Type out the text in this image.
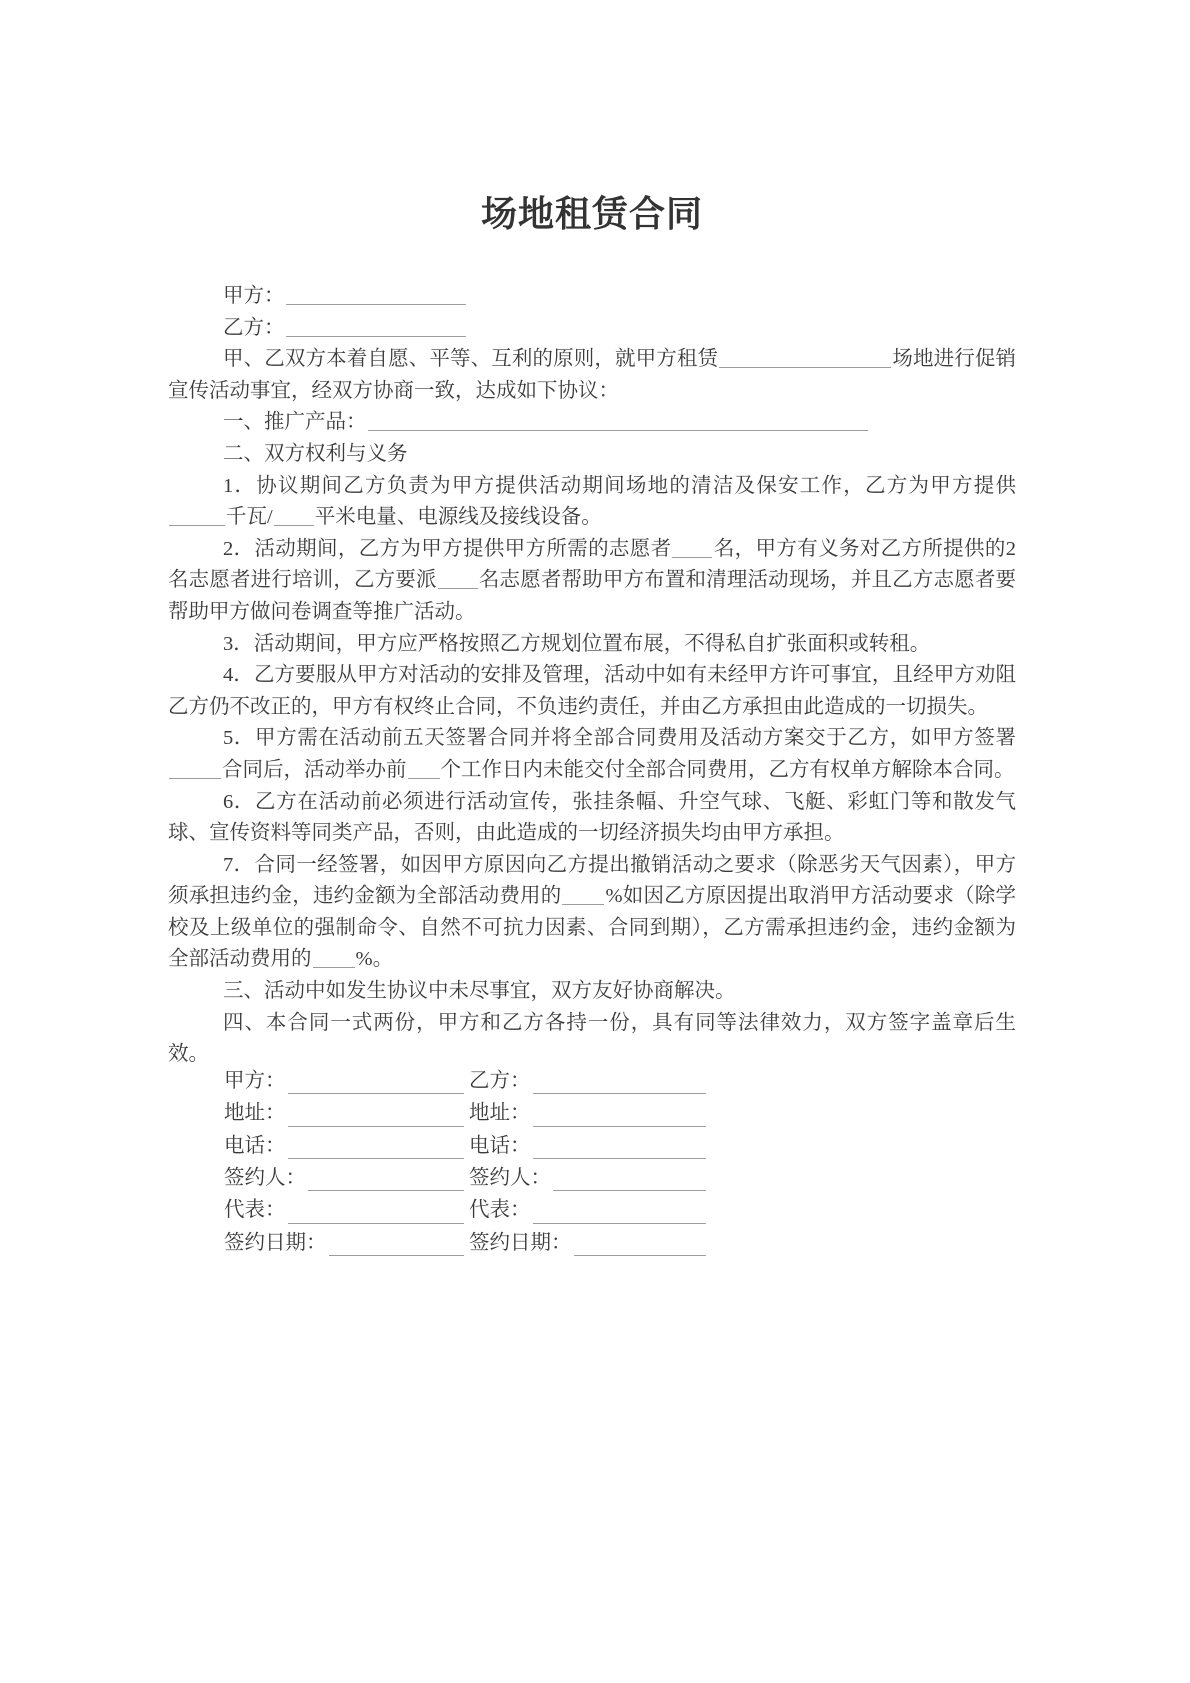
场地租赁合同

甲方：

乙方：

甲、乙双方本着自愿、平等、互利的原则，就甲方租赁	场地进行促销宣传活动事宜，经双方协商一致，达成如下协议：

一、推广产品：

二、双方权利与义务

1．协议期间乙方负责为甲方提供活动期间场地的清洁及保安工作，乙方为甲方提供千瓦/ 平米电量、电源线及接线设备。

2．活动期间，乙方为甲方提供甲方所需的志愿者 名，甲方有义务对乙方所提供的2名志愿者进行培训，乙方要派 名志愿者帮助甲方布置和清理活动现场，并且乙方志愿者要帮助甲方做问卷调查等推广活动。

3．活动期间，甲方应严格按照乙方规划位置布展，不得私自扩张面积或转租。

4．乙方要服从甲方对活动的安排及管理，活动中如有未经甲方许可事宜，且经甲方劝阻乙方仍不改正的，甲方有权终止合同，不负违约责任，并由乙方承担由此造成的一切损失。

5．甲方需在活动前五天签署合同并将全部合同费用及活动方案交于乙方，如甲方签署合同后，活动举办前 个工作日内未能交付全部合同费用，乙方有权单方解除本合同。

6．乙方在活动前必须进行活动宣传，张挂条幅、升空气球、飞艇、彩虹门等和散发气球、宣传资料等同类产品，否则，由此造成的一切经济损失均由甲方承担。

7．合同一经签署，如因甲方原因向乙方提出撤销活动之要求（除恶劣天气因素），甲方须承担违约金，违约金额为全部活动费用的 %如因乙方原因提出取消甲方活动要求（除学校及上级单位的强制命令、自然不可抗力因素、合同到期），乙方需承担违约金，违约金额为全部活动费用的 %。

三、活动中如发生协议中未尽事宜，双方友好协商解决。

四、本合同一式两份，甲方和乙方各持一份，具有同等法律效力，双方签字盖章后生效。

甲方：	乙方：
地址：	地址：
电话：	电话：
签约人：	签约人：
代表：	代表：
签约日期：	签约日期：
